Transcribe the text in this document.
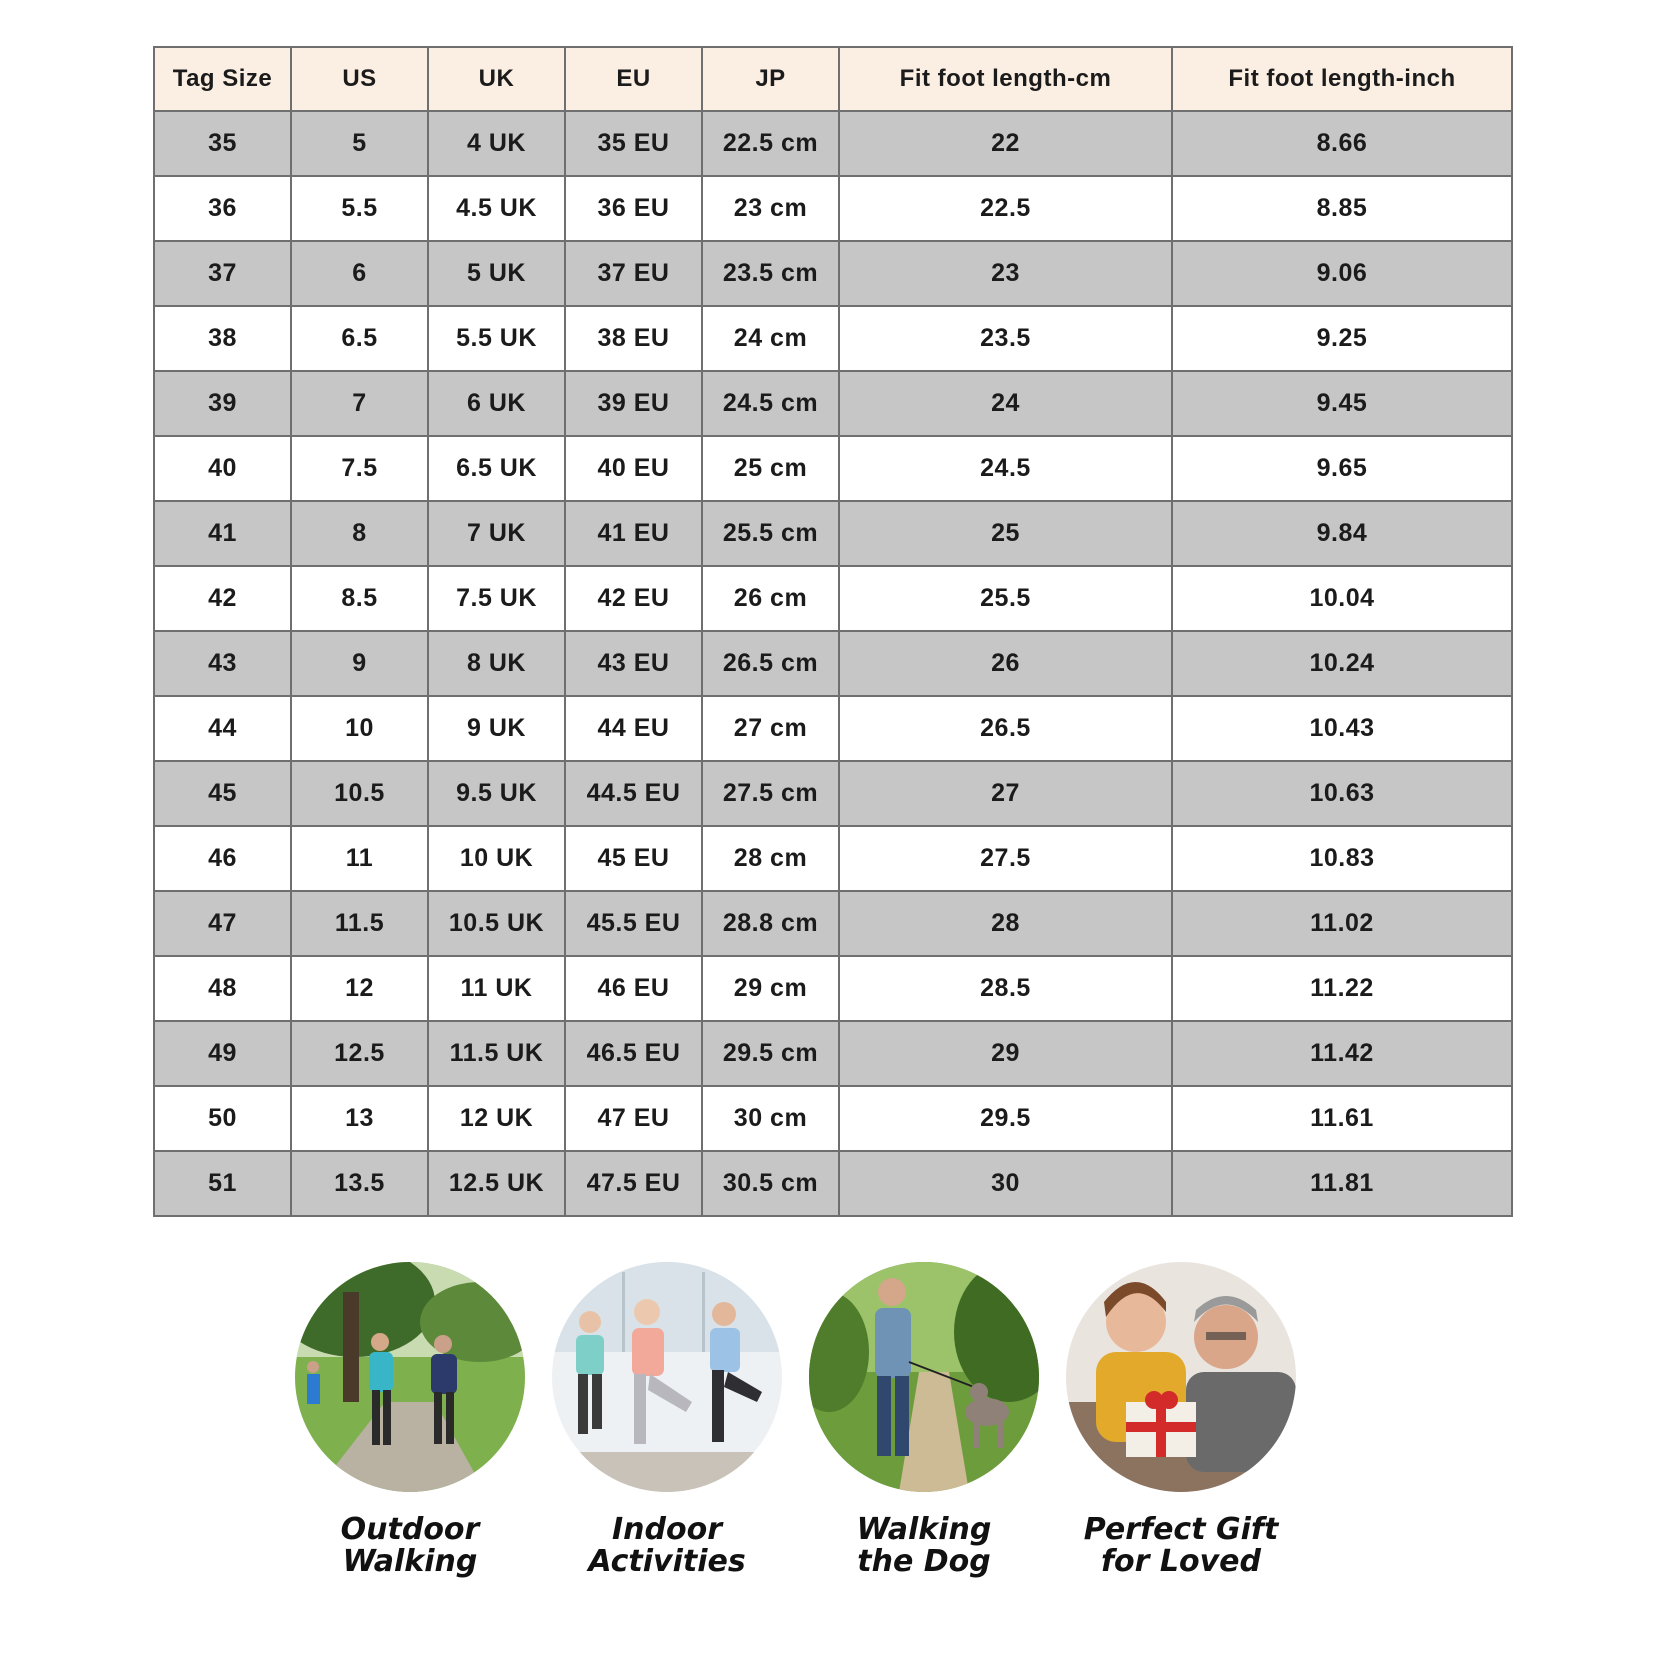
Tag Size	US	UK	EU	JP	Fit foot length-cm	Fit foot length-inch
35	5	4 UK	35 EU	22.5 cm	22	8.66
36	5.5	4.5 UK	36 EU	23 cm	22.5	8.85
37	6	5 UK	37 EU	23.5 cm	23	9.06
38	6.5	5.5 UK	38 EU	24 cm	23.5	9.25
39	7	6 UK	39 EU	24.5 cm	24	9.45
40	7.5	6.5 UK	40 EU	25 cm	24.5	9.65
41	8	7 UK	41 EU	25.5 cm	25	9.84
42	8.5	7.5 UK	42 EU	26 cm	25.5	10.04
43	9	8 UK	43 EU	26.5 cm	26	10.24
44	10	9 UK	44 EU	27 cm	26.5	10.43
45	10.5	9.5 UK	44.5 EU	27.5 cm	27	10.63
46	11	10 UK	45 EU	28 cm	27.5	10.83
47	11.5	10.5 UK	45.5 EU	28.8 cm	28	11.02
48	12	11 UK	46 EU	29 cm	28.5	11.22
49	12.5	11.5 UK	46.5 EU	29.5 cm	29	11.42
50	13	12 UK	47 EU	30 cm	29.5	11.61
51	13.5	12.5 UK	47.5 EU	30.5 cm	30	11.81
Outdoor
Walking
Indoor
Activities
Walking
the Dog
Perfect Gift
for Loved
